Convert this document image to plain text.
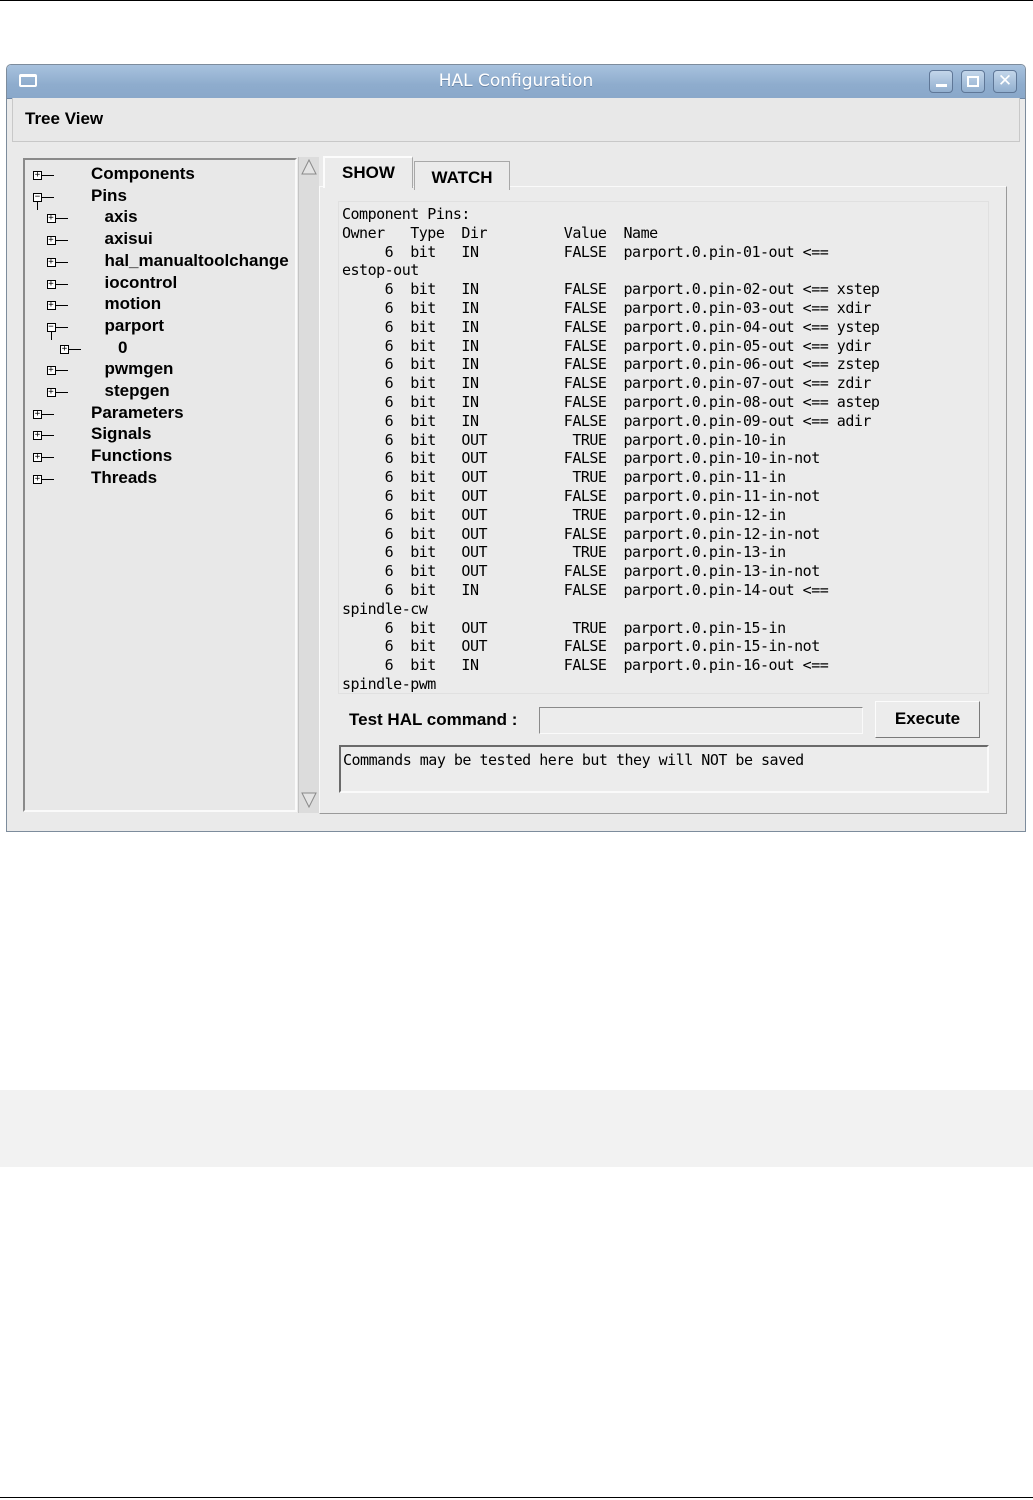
HAL Configuration	✕
Tree View
+	Components
−	Pins
+	axis
+	axisui
+	hal_manualtoolchange
+	iocontrol
+	motion
−	parport
+	0
+	pwmgen
+	stepgen
+	Parameters
+	Signals
+	Functions
+	Threads
WATCH
SHOW
Component Pins:
Owner   Type  Dir         Value  Name
6  bit   IN          FALSE  parport.0.pin-01-out <==
estop-out
6  bit   IN          FALSE  parport.0.pin-02-out <== xstep
6  bit   IN          FALSE  parport.0.pin-03-out <== xdir
6  bit   IN          FALSE  parport.0.pin-04-out <== ystep
6  bit   IN          FALSE  parport.0.pin-05-out <== ydir
6  bit   IN          FALSE  parport.0.pin-06-out <== zstep
6  bit   IN          FALSE  parport.0.pin-07-out <== zdir
6  bit   IN          FALSE  parport.0.pin-08-out <== astep
6  bit   IN          FALSE  parport.0.pin-09-out <== adir
6  bit   OUT          TRUE  parport.0.pin-10-in
6  bit   OUT         FALSE  parport.0.pin-10-in-not
6  bit   OUT          TRUE  parport.0.pin-11-in
6  bit   OUT         FALSE  parport.0.pin-11-in-not
6  bit   OUT          TRUE  parport.0.pin-12-in
6  bit   OUT         FALSE  parport.0.pin-12-in-not
6  bit   OUT          TRUE  parport.0.pin-13-in
6  bit   OUT         FALSE  parport.0.pin-13-in-not
6  bit   IN          FALSE  parport.0.pin-14-out <==
spindle-cw
6  bit   OUT          TRUE  parport.0.pin-15-in
6  bit   OUT         FALSE  parport.0.pin-15-in-not
6  bit   IN          FALSE  parport.0.pin-16-out <==
spindle-pwm
Test HAL command :	Execute
Commands may be tested here but they will NOT be saved
